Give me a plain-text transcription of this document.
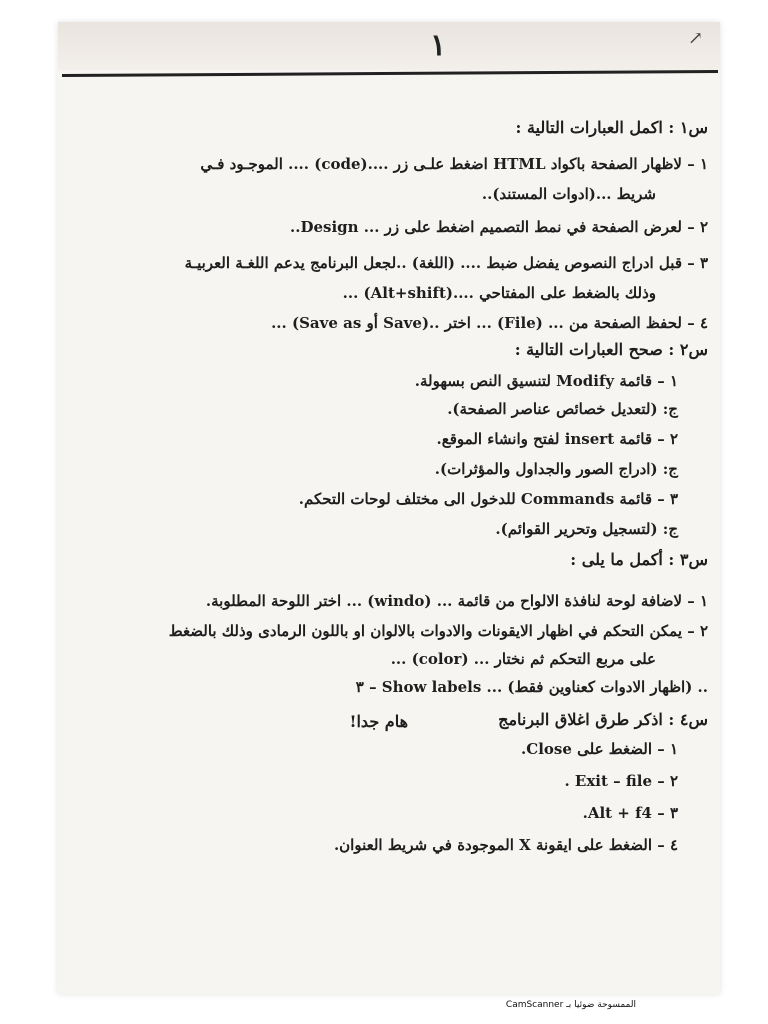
١	↗
س١ : اكمل العبارات التالية :
١ – لاظهار الصفحة باكواد HTML اضغط علـى زر ....(code) .... الموجـود فـي
شريط ...(ادوات المستند)..
٢ – لعرض الصفحة في نمط التصميم اضغط على زر ... Design..
٣ – قبل ادراج النصوص يفضل ضبط .... (اللغة) ..لجعل البرنامج يدعم اللغـة العربيـة
وذلك بالضغط على المفتاحي ....(Alt+shift) ...
٤ – لحفظ الصفحة من ... (File) ... اختر ..(Save أو Save as) ...
س٢ : صحح العبارات التالية :
١ – قائمة Modify لتنسيق النص بسهولة.
ج: (لتعديل خصائص عناصر الصفحة).
٢ – قائمة insert لفتح وانشاء الموقع.
ج: (ادراج الصور والجداول والمؤثرات).
٣ – قائمة Commands للدخول الى مختلف لوحات التحكم.
ج: (لتسجيل وتحرير القوائم).
س٣ : أكمل ما يلى :
١ – لاضافة لوحة لنافذة الالواح من قائمة ... (windo) ... اختر اللوحة المطلوبة.
٢ – يمكن التحكم في اظهار الايقونات والادوات بالالوان او باللون الرمادى وذلك بالضغط
على مربع التحكم ثم نختار ... (color) ...
٣ – Show labels ... (اظهار الادوات كعناوين فقط) ..
س٤ : اذكر طرق اغلاق البرنامج
هام جدا!
١ – الضغط على Close.
. Exit – file – ٢
.Alt + f4 – ٣
٤ – الضغط على ايقونة X الموجودة في شريط العنوان.
الممسوحة ضوئيا بـ CamScanner
